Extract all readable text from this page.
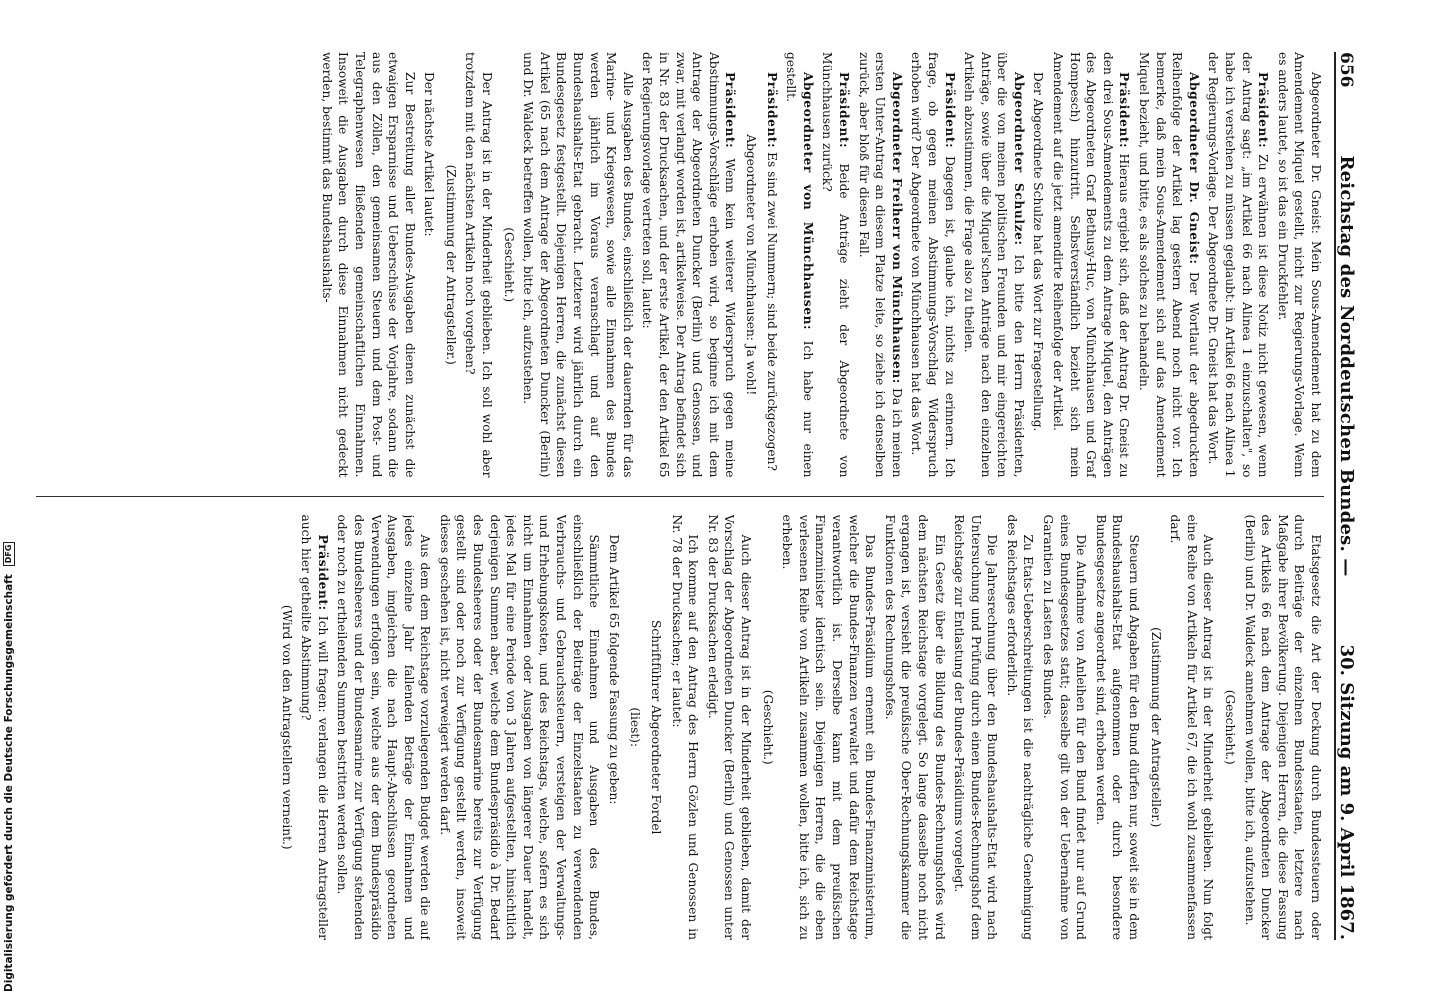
656
Reichstag des Norddeutschen Bundes. —
30. Sitzung am 9. April 1867.

Abgeordneter Dr. Gneist: Mein Sous-Amendement hat zu dem Amendement Miquel gestellt, nicht zur Regierungs-Vorlage. Wenn es anders lautet, so ist das ein Druckfehler.

Präsident: Zu erwähnen ist diese Notiz nicht gewesen, wenn der Antrag sagt: „im Artikel 66 nach Alinea 1 einzuschalten", so habe ich verstehen zu müssen geglaubt: im Artikel 66 nach Alinea 1 der Regierungs-Vorlage. Der Abgeordnete Dr. Gneist hat das Wort.

Abgeordneter Dr. Gneist: Der Wortlaut der abgedruckten Reihenfolge der Artikel lag gestern Abend noch nicht vor. Ich bemerke, daß mein Sous-Amendement sich auf das Amendement Miquel bezieht, und bitte, es als solches zu behandeln.

Präsident: Hieraus ergiebt sich, daß der Antrag Dr. Gneist zu den drei Sous-Amendements zu dem Antrage Miquel, den Anträgen des Abgeordneten Graf Bethusy-Huc, von Münchhausen und Graf Hompesch) hinzutritt. Selbstverständlich bezieht sich mein Amendement auf die jetzt amendirte Reihenfolge der Artikel.

Der Abgeordnete Schulze hat das Wort zur Fragestellung.

Abgeordneter Schulze: Ich bitte den Herrn Präsidenten, über die von meinen politischen Freunden und mir eingereichten Anträge, sowie über die Miquel'schen Anträge nach den einzelnen Artikeln abzustimmen, die Frage also zu theilen.

Präsident: Dagegen ist, glaube ich, nichts zu erinnern. Ich frage, ob gegen meinen Abstimmungs-Vorschlag Widerspruch erhoben wird? Der Abgeordnete von Münchhausen hat das Wort.

Abgeordneter Freiherr von Münchhausen: Da ich meinen ersten Unter-Antrag an diesem Platze leite, so ziehe ich denselben zurück, aber bloß für diesen Fall.

Präsident: Beide Anträge zieht der Abgeordnete von Münchhausen zurück?

Abgeordneter von Münchhausen: Ich habe nur einen gestellt.

Präsident: Es sind zwei Nummern; sind beide zurückgezogen?

Abgeordneter von Münchhausen: Ja wohl!

Präsident: Wenn kein weiterer Widerspruch gegen meine Abstimmungs-Vorschläge erhoben wird, so beginne ich mit dem Antrage der Abgeordneten Duncker (Berlin) und Genossen, und zwar, mit verlangt worden ist, artikelweise. Der Antrag befindet sich in Nr. 83 der Drucksachen, und der erste Artikel, der den Artikel 65 der Regierungsvorlage vertreten soll, lautet:

Alle Ausgaben des Bundes, einschließlich der dauernden für das Marine- und Kriegswesen, sowie alle Einnahmen des Bundes werden jährlich im Voraus veranschlagt und auf den Bundeshaushalts-Etat gebracht. Letzterer wird jährlich durch ein Bundesgesetz festgestellt. Diejenigen Herren, die zunächst diesen Artikel (65 nach dem Antrage der Abgeordneten Duncker (Berlin) und Dr. Waldeck betreffen wollen, bitte ich, aufzustehen.

(Geschieht.)

Der Antrag ist in der Minderheit geblieben. Ich soll wohl aber trotzdem mit den nächsten Artikeln noch vorgehen?

(Zustimmung der Antragsteller.)

Der nächste Artikel lautet:

Zur Bestreitung aller Bundes-Ausgaben dienen zunächst die etwaigen Ersparnisse und Ueberschüsse der Vorjahre, sodann die aus den Zöllen, den gemeinsamen Steuern und dem Post- und Telegraphenwesen fließenden gemeinschaftlichen Einnahmen. Insoweit die Ausgaben durch diese Einnahmen nicht gedeckt werden, bestimmt das Bundeshaushalts-

Etatsgesetz die Art der Deckung durch Bundessteuern oder durch Beiträge der einzelnen Bundesstaaten, letztere nach Maßgabe ihrer Bevölkerung. Diejenigen Herren, die diese Fassung des Artikels 66 nach dem Antrage der Abgeordneten Duncker (Berlin) und Dr. Waldeck annehmen wollen, bitte ich, aufzustehen.

(Geschieht.)

Auch dieser Antrag ist in der Minderheit geblieben. Nun folgt eine Reihe von Artikeln für Artikel 67, die ich wohl zusammenfassen darf.

(Zustimmung der Antragsteller.)

Steuern und Abgaben für den Bund dürfen nur, soweit sie in dem Bundeshaushalts-Etat aufgenommen oder durch besondere Bundesgesetze angeordnet sind, erhoben werden.

Die Aufnahme von Anleihen für den Bund findet nur auf Grund eines Bundesgesetzes statt; dasselbe gilt von der Uebernahme von Garantien zu Lasten des Bundes.

Zu Etats-Ueberschreitungen ist die nachträgliche Genehmigung des Reichstages erforderlich.

Die Jahresrechnung über den Bundeshaushalts-Etat wird nach Untersuchung und Prüfung durch einen Bundes-Rechnungshof dem Reichstage zur Entlastung der Bundes-Präsidiums vorgelegt.

Ein Gesetz über die Bildung des Bundes-Rechnungshofes wird dem nächsten Reichstage vorgelegt. So lange dasselbe noch nicht ergangen ist, versieht die preußische Ober-Rechnungskammer die Funktionen des Rechnungshofes.

Das Bundes-Präsidium ernennt ein Bundes-Finanzministerium, welcher die Bundes-Finanzen verwaltet und dafür dem Reichstage verantwortlich ist. Derselbe kann mit dem preußischen Finanzminister identisch sein. Diejenigen Herren, die die eben verlesenen Reihe von Artikeln zusammen wollen, bitte ich, sich zu erheben.

(Geschieht.)

Auch dieser Antrag ist in der Minderheit geblieben, damit der Vorschlag der Abgeordneten Duncker (Berlin) und Genossen unter Nr. 83 der Drucksachen erledigt.

Ich komme auf den Antrag des Herrn Gözlen und Genossen in Nr. 78 der Drucksachen; er lautet:

Schriftführer Abgeordneter Fordel

(liest):

Dem Artikel 65 folgende Fassung zu geben:

Sämmtliche Einnahmen und Ausgaben des Bundes, einschließlich der Beiträge der Einzelstaaten zu verwendenden Verbrauchs- und Gebrauchssteuern, versteigen der Verwaltungs- und Erhebungskosten, und des Reichstags, welche, sofern es sich nicht um Einnahmen oder Ausgaben von längerer Dauer handelt, jedes Mal für eine Periode von 3 Jahren aufgestellten, hinsichtlich derjenigen Summen aber, welche dem Bundespräsidio à Dr. Bedarf des Bundesheeres oder der Bundesmarine bereits zur Verfügung gestellt sind oder noch zur Verfügung gestellt werden, insoweit dieses geschehen ist, nicht verweigert werden darf.

Aus dem dem Reichstage vorzulegenden Budget werden die auf jedes einzelne Jahr fallenden Beträge der Einnahmen und Ausgaben, imgleichen die nach Haupt-Abschlüssen geordneten Verwendungen erfolgen sein, welche aus der dem Bundespräsidio des Bundesheeres und der Bundesmarine zur Verfügung stehenden oder noch zu ertheilenden Summen bestritten werden sollen.

Präsident: Ich will fragen: verlangen die Herren Antragsteller auch hier getheilte Abstimmung?

(Wird von den Antragstellern verneint.)

Digitalisierung gefördert durch die Deutsche Forschungsgemeinschaft
DFG
